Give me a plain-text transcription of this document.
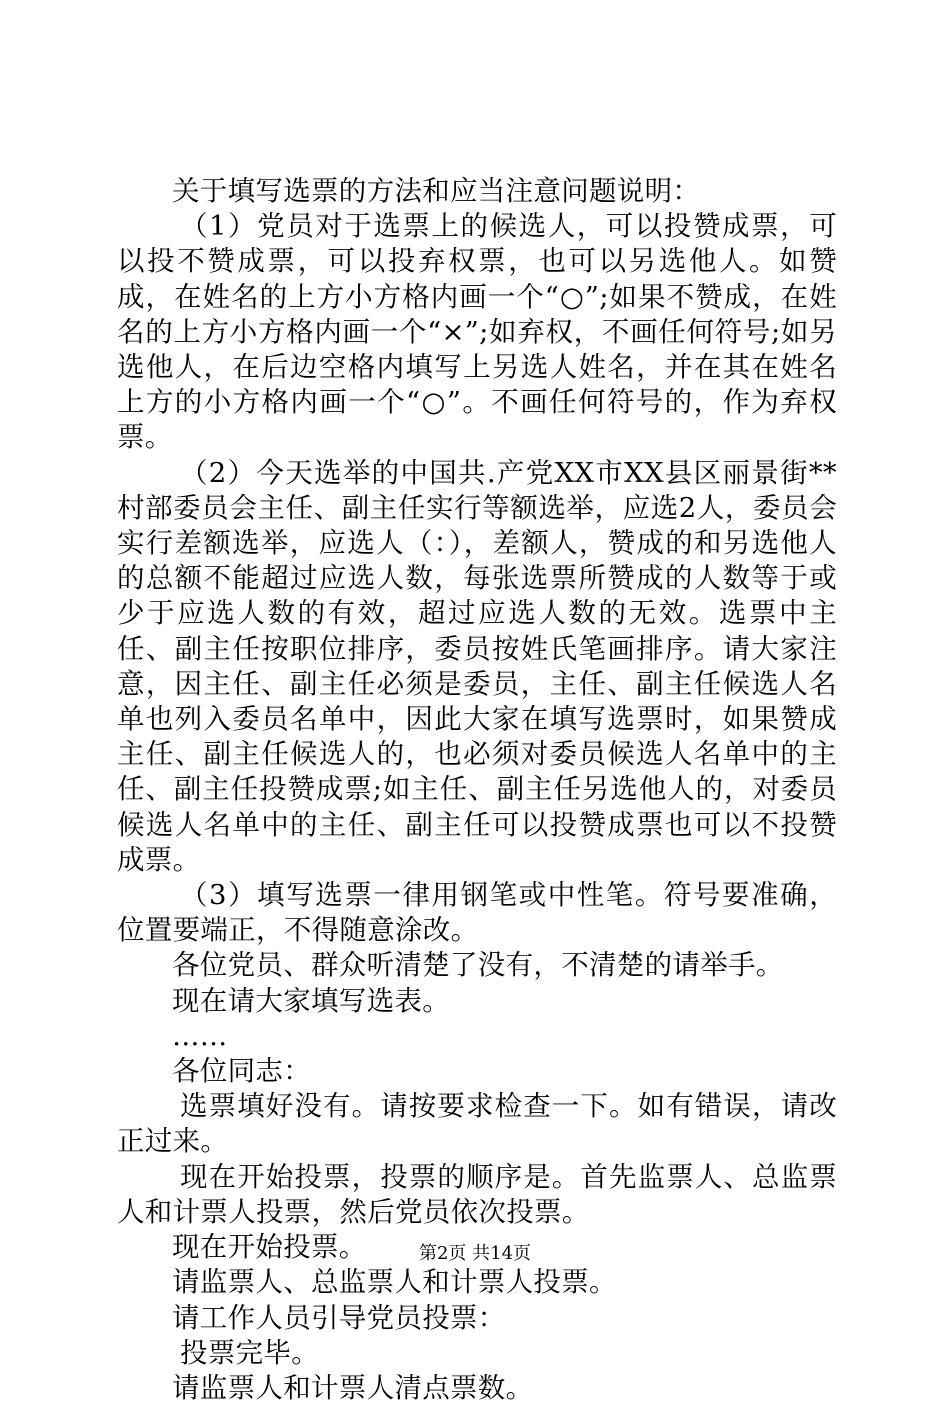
关于填写选票的方法和应当注意问题说明：

（1）党员对于选票上的候选人，可以投赞成票，可以投不赞成票，可以投弃权票，也可以另选他人。如赞成，在姓名的上方小方格内画一个“○”;如果不赞成，在姓名的上方小方格内画一个“×”;如弃权，不画任何符号;如另选他人，在后边空格内填写上另选人姓名，并在其在姓名上方的小方格内画一个“○”。不画任何符号的，作为弃权票。

（2）今天选举的中国共.产党XX市XX县区丽景街**村部委员会主任、副主任实行等额选举，应选2人，委员会实行差额选举，应选人（：），差额人，赞成的和另选他人的总额不能超过应选人数，每张选票所赞成的人数等于或少于应选人数的有效，超过应选人数的无效。选票中主任、副主任按职位排序，委员按姓氏笔画排序。请大家注意，因主任、副主任必须是委员，主任、副主任候选人名单也列入委员名单中，因此大家在填写选票时，如果赞成主任、副主任候选人的，也必须对委员候选人名单中的主任、副主任投赞成票;如主任、副主任另选他人的，对委员候选人名单中的主任、副主任可以投赞成票也可以不投赞成票。

（3）填写选票一律用钢笔或中性笔。符号要准确，位置要端正，不得随意涂改。

各位党员、群众听清楚了没有，不清楚的请举手。

现在请大家填写选表。

……

各位同志：

选票填好没有。请按要求检查一下。如有错误，请改正过来。

现在开始投票，投票的顺序是。首先监票人、总监票人和计票人投票，然后党员依次投票。

现在开始投票。

请监票人、总监票人和计票人投票。

请工作人员引导党员投票：

投票完毕。

请监票人和计票人清点票数。

第2页 共14页
